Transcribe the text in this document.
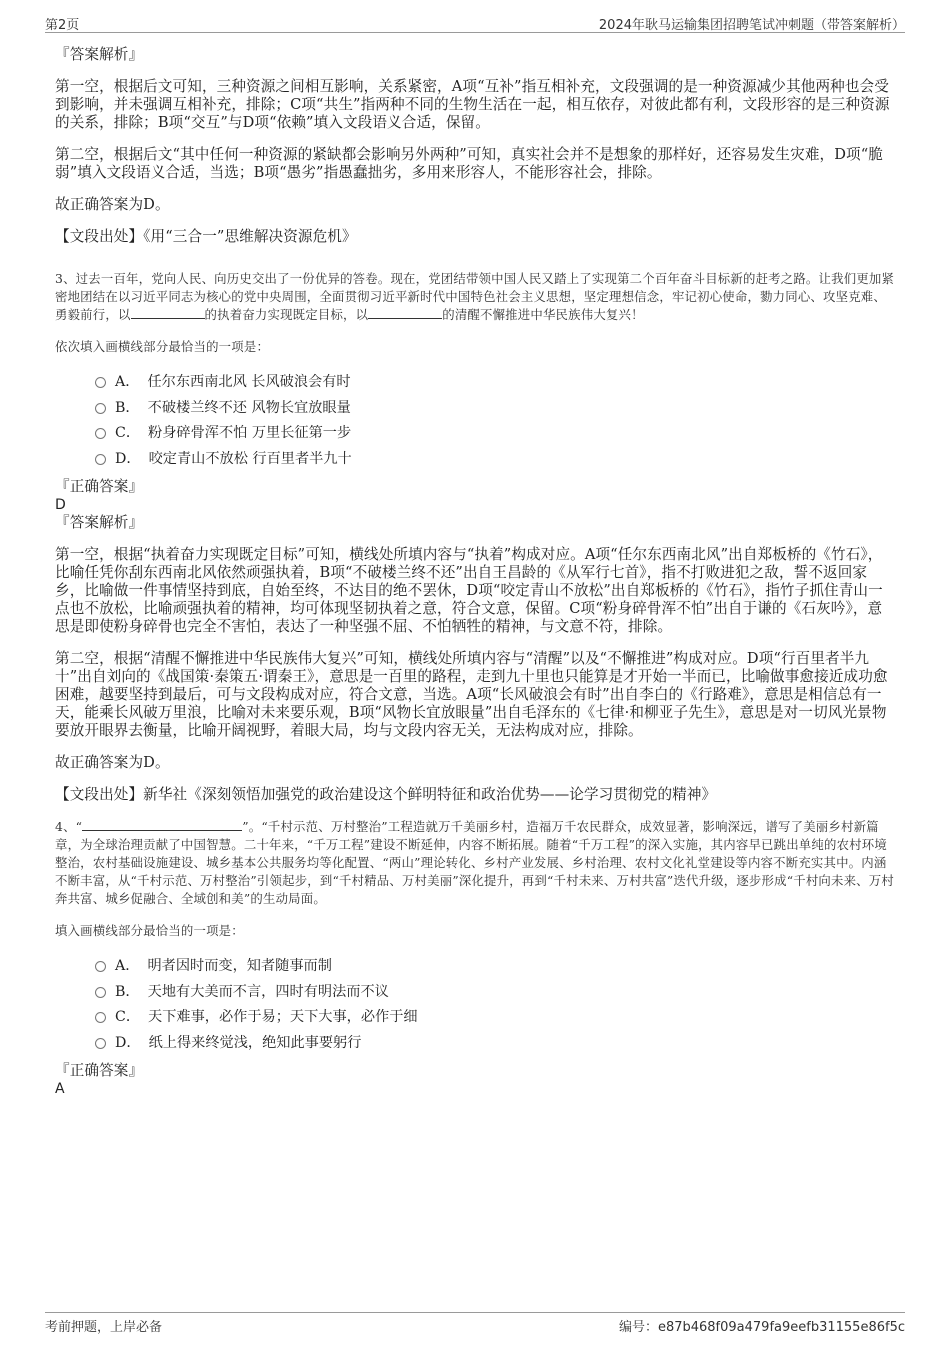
第2页	2024年耿马运输集团招聘笔试冲刺题（带答案解析）

『答案解析』

第一空，根据后文可知，三种资源之间相互影响，关系紧密，A项“互补”指互相补充，文段强调的是一种资源减少其他两种也会受到影响，并未强调互相补充，排除；C项“共生”指两种不同的生物生活在一起，相互依存，对彼此都有利，文段形容的是三种资源的关系，排除；B项“交互”与D项“依赖”填入文段语义合适，保留。

第二空，根据后文“其中任何一种资源的紧缺都会影响另外两种”可知，真实社会并不是想象的那样好，还容易发生灾难，D项“脆弱”填入文段语义合适，当选；B项“愚劣”指愚蠢拙劣，多用来形容人，不能形容社会，排除。

故正确答案为D。

【文段出处】《用“三合一”思维解决资源危机》

3、过去一百年，党向人民、向历史交出了一份优异的答卷。现在，党团结带领中国人民又踏上了实现第二个百年奋斗目标新的赶考之路。让我们更加紧密地团结在以习近平同志为核心的党中央周围，全面贯彻习近平新时代中国特色社会主义思想，坚定理想信念，牢记初心使命，勠力同心、攻坚克难、勇毅前行，以	的执着奋力实现既定目标，以	的清醒不懈推进中华民族伟大复兴！

依次填入画横线部分最恰当的一项是：

A． 任尔东西南北风 长风破浪会有时
B． 不破楼兰终不还 风物长宜放眼量
C． 粉身碎骨浑不怕 万里长征第一步
D． 咬定青山不放松 行百里者半九十

『正确答案』

D

『答案解析』

第一空，根据“执着奋力实现既定目标”可知，横线处所填内容与“执着”构成对应。A项“任尔东西南北风”出自郑板桥的《竹石》，比喻任凭你刮东西南北风依然顽强执着，B项“不破楼兰终不还”出自王昌龄的《从军行七首》，指不打败进犯之敌，誓不返回家乡，比喻做一件事情坚持到底，自始至终，不达目的绝不罢休，D项“咬定青山不放松”出自郑板桥的《竹石》，指竹子抓住青山一点也不放松，比喻顽强执着的精神，均可体现坚韧执着之意，符合文意，保留。C项“粉身碎骨浑不怕”出自于谦的《石灰吟》，意思是即使粉身碎骨也完全不害怕，表达了一种坚强不屈、不怕牺牲的精神，与文意不符，排除。

第二空，根据“清醒不懈推进中华民族伟大复兴”可知，横线处所填内容与“清醒”以及“不懈推进”构成对应。D项“行百里者半九十”出自刘向的《战国策·秦策五·谓秦王》，意思是一百里的路程，走到九十里也只能算是才开始一半而已，比喻做事愈接近成功愈困难，越要坚持到最后，可与文段构成对应，符合文意，当选。A项“长风破浪会有时”出自李白的《行路难》，意思是相信总有一天，能乘长风破万里浪，比喻对未来要乐观，B项“风物长宜放眼量”出自毛泽东的《七律·和柳亚子先生》，意思是对一切风光景物要放开眼界去衡量，比喻开阔视野，着眼大局，均与文段内容无关，无法构成对应，排除。

故正确答案为D。

【文段出处】新华社《深刻领悟加强党的政治建设这个鲜明特征和政治优势——论学习贯彻党的精神》

4、“	”。“千村示范、万村整治”工程造就万千美丽乡村，造福万千农民群众，成效显著，影响深远，谱写了美丽乡村新篇章，为全球治理贡献了中国智慧。二十年来，“千万工程”建设不断延伸，内容不断拓展。随着“千万工程”的深入实施，其内容早已跳出单纯的农村环境整治，农村基础设施建设、城乡基本公共服务均等化配置、“两山”理论转化、乡村产业发展、乡村治理、农村文化礼堂建设等内容不断充实其中。内涵不断丰富，从“千村示范、万村整治”引领起步，到“千村精品、万村美丽”深化提升，再到“千村未来、万村共富”迭代升级，逐步形成“千村向未来、万村奔共富、城乡促融合、全域创和美”的生动局面。

填入画横线部分最恰当的一项是：

A． 明者因时而变，知者随事而制
B． 天地有大美而不言，四时有明法而不议
C． 天下难事，必作于易；天下大事，必作于细
D． 纸上得来终觉浅，绝知此事要躬行

『正确答案』

A

考前押题，上岸必备	编号：e87b468f09a479fa9eefb31155e86f5c
